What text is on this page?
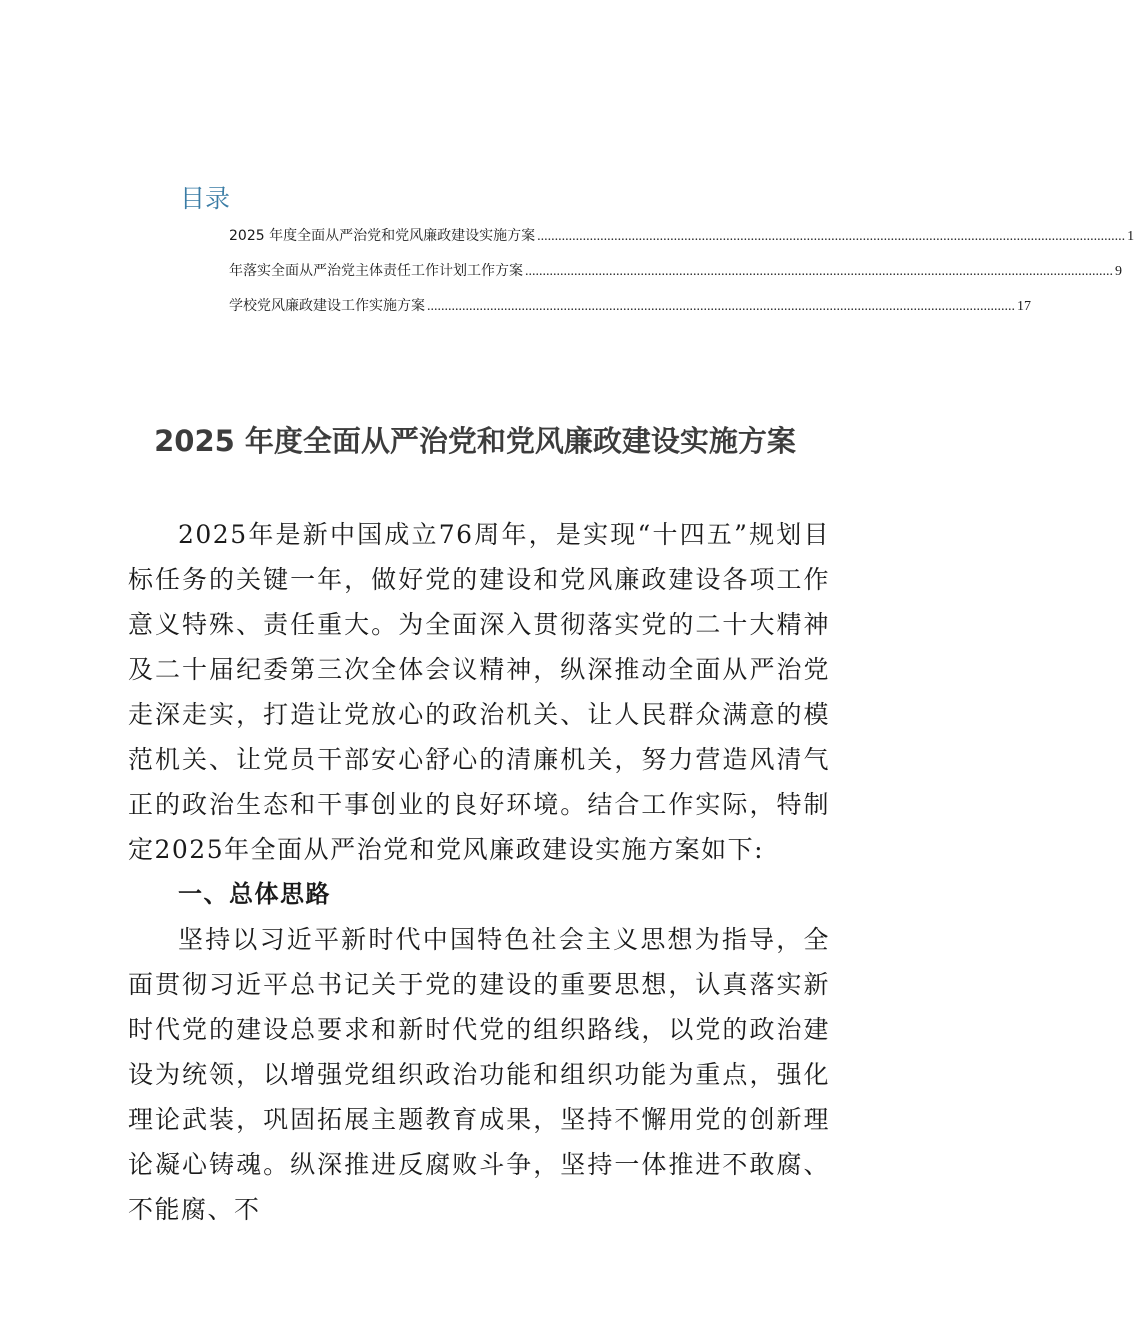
目录
2025 年度全面从严治党和党风廉政建设实施方案 ........................................................................................................................................................................ 1
年落实全面从严治党主体责任工作计划工作方案 ........................................................................................................................................................................ 9
学校党风廉政建设工作实施方案 ........................................................................................................................................................................ 17
2025 年度全面从严治党和党风廉政建设实施方案

2025年是新中国成立76周年，是实现“十四五”规划目标任务的关键一年，做好党的建设和党风廉政建设各项工作意义特殊、责任重大。为全面深入贯彻落实党的二十大精神及二十届纪委第三次全体会议精神，纵深推动全面从严治党走深走实，打造让党放心的政治机关、让人民群众满意的模范机关、让党员干部安心舒心的清廉机关，努力营造风清气正的政治生态和干事创业的良好环境。结合工作实际，特制定2025年全面从严治党和党风廉政建设实施方案如下:

一、总体思路

坚持以习近平新时代中国特色社会主义思想为指导，全面贯彻习近平总书记关于党的建设的重要思想，认真落实新时代党的建设总要求和新时代党的组织路线，以党的政治建设为统领，以增强党组织政治功能和组织功能为重点，强化理论武装，巩固拓展主题教育成果，坚持不懈用党的创新理论凝心铸魂。纵深推进反腐败斗争，坚持一体推进不敢腐、不能腐、不
